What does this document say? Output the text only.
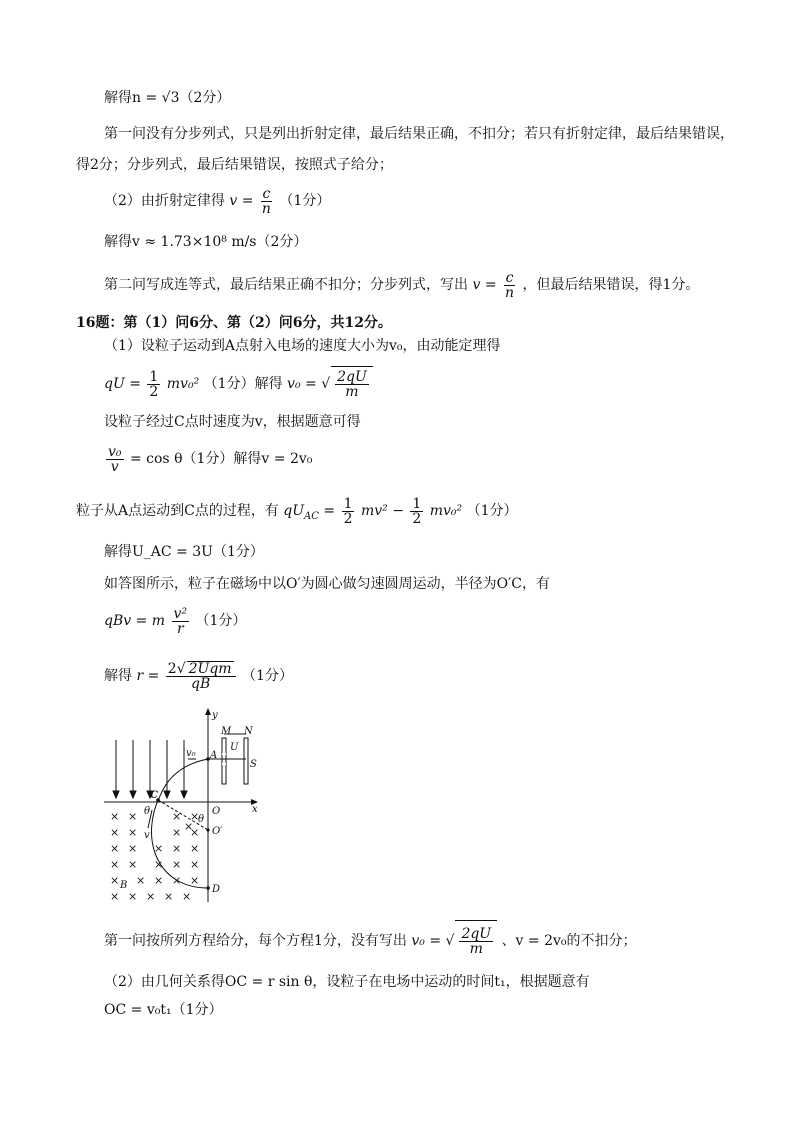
解得n = √3（2分）
第一问没有分步列式，只是列出折射定律，最后结果正确，不扣分；若只有折射定律，最后结果错误，
得2分；分步列式，最后结果错误，按照式子给分；
（2）由折射定律得 $v = \frac{c}{n} (1$分）
解得v ≈ 1.73×10⁸ m/s（2分）
第二问写成连等式，最后结果正确不扣分；分步列式，写出 $v = \frac{c}{n}$ ，但最后结果错误，得1分。
16题：第（1）问6分、第（2）问6分，共12分。
（1）设粒子运动到A点射入电场的速度大小为v₀，由动能定理得
qU = $\frac{1}{2} mv_0^2$ （1分）解得 v₀ = √ $\frac{2qU}{m}$
设粒子经过C点时速度为v，根据题意可得
$\frac{\text{v₀}}{v} = \cos \theta(1$分）解得v = 2v₀
粒子从A点运动到C点的过程，有 $qU_{AC} = \frac{1}{2} mv^2 - \frac{1}{2} mv_0^2$ （1分）
解得U_AC = 3U（1分）
如答图所示，粒子在磁场中以O′为圆心做匀速圆周运动，半径为O′C，有
qBv = m $\frac{\text{v²}}{r} (1$分）
解得 $r = \frac{\text{2√ 2Uqm}}{qB} (1$分）
× ×	× ×
× ×	× ×
× × × × ×
× × × × ×
× × × × ×
× × × × ×
×
y
x
M N
U
S
A
v₀
C
θ
θ
O
O′
D
B
v
第一问按所列方程给分，每个方程1分，没有写出 v₀ = √ $\frac{2qU}{m}$ 、v = 2v₀的不扣分；
（2）由几何关系得OC = r sin θ，设粒子在电场中运动的时间t₁，根据题意有
OC = v₀t₁（1分）
